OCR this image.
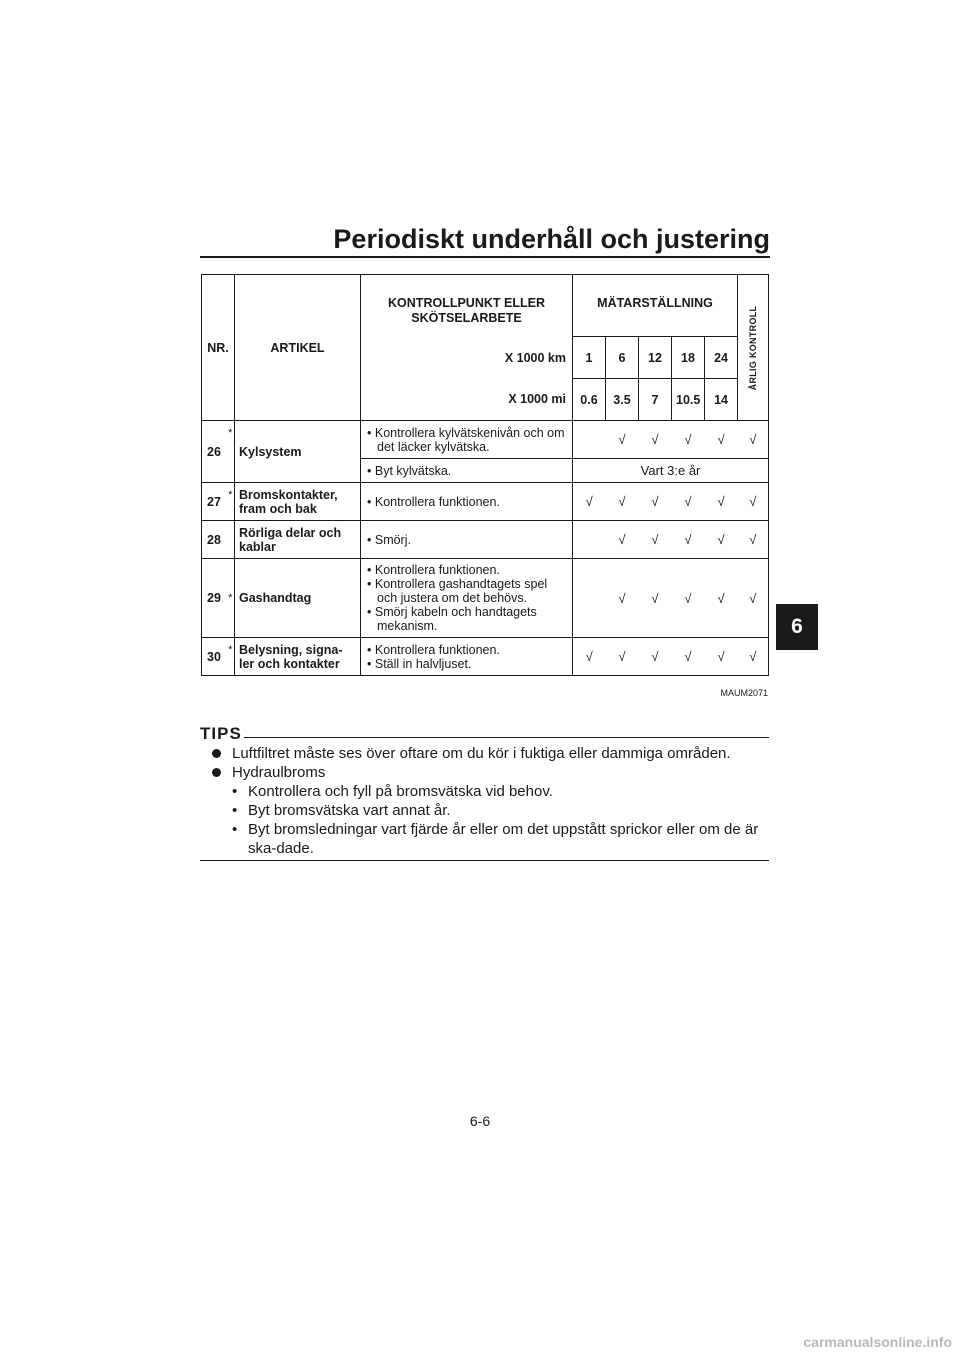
Periodiskt underhåll och justering
6
NR.		ARTIKEL	KONTROLLPUNKT ELLER SKÖTSELARBETE	MÄTARSTÄLLNING					ÅRLIG KONTROLL

			X 1000 km	1	6	12	18	24	
			X 1000 mi	0.6	3.5	7	10.5	14	
26	*	Kylsystem	• Kontrollera kylvätskenivån och om det läcker kylvätska.		√	√	√	√	√

			• Byt kylvätska.	Vart 3:e år					
27	*	Bromskontakter, fram och bak	• Kontrollera funktionen.	√	√	√	√	√	√
28		Rörliga delar och kablar	• Smörj.		√	√	√	√	√
29	*	Gashandtag	• Kontrollera funktionen.
• Kontrollera gashandtagets spel och justera om det behövs.
• Smörj kabeln och handtagets mekanism.		√	√	√	√	√
30	*	Belysning, signa-ler och kontakter	• Kontrollera funktionen.
• Ställ in halvljuset.	√	√	√	√	√	√
MAUM2071
TIPS
Luftfiltret måste ses över oftare om du kör i fuktiga eller dammiga områden.
Hydraulbroms
• Kontrollera och fyll på bromsvätska vid behov.
• Byt bromsvätska vart annat år.
• Byt bromsledningar vart fjärde år eller om det uppstått sprickor eller om de är ska-dade.
6-6
carmanualsonline.info
